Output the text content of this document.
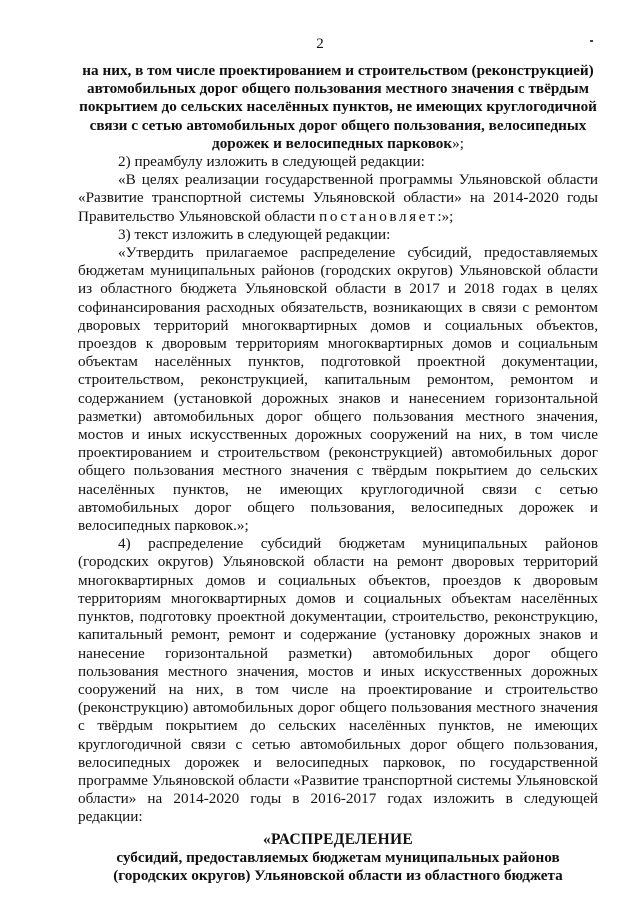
2

на них, в том числе проектированием и строительством (реконструкцией) автомобильных дорог общего пользования местного значения с твёрдым покрытием до сельских населённых пунктов, не имеющих круглогодичной связи с сетью автомобильных дорог общего пользования, велосипедных дорожек и велосипедных парковок»;

2) преамбулу изложить в следующей редакции:

«В целях реализации государственной программы Ульяновской области «Развитие транспортной системы Ульяновской области» на 2014-2020 годы Правительство Ульяновской области постановляет:»;

3) текст изложить в следующей редакции:

«Утвердить прилагаемое распределение субсидий, предоставляемых бюджетам муниципальных районов (городских округов) Ульяновской области из областного бюджета Ульяновской области в 2017 и 2018 годах в целях софинансирования расходных обязательств, возникающих в связи с ремонтом дворовых территорий многоквартирных домов и социальных объектов, проездов к дворовым территориям многоквартирных домов и социальным объектам населённых пунктов, подготовкой проектной документации, строительством, реконструкцией, капитальным ремонтом, ремонтом и содержанием (установкой дорожных знаков и нанесением горизонтальной разметки) автомобильных дорог общего пользования местного значения, мостов и иных искусственных дорожных сооружений на них, в том числе проектированием и строительством (реконструкцией) автомобильных дорог общего пользования местного значения с твёрдым покрытием до сельских населённых пунктов, не имеющих круглогодичной связи с сетью автомобильных дорог общего пользования, велосипедных дорожек и велосипедных парковок.»;

4) распределение субсидий бюджетам муниципальных районов (городских округов) Ульяновской области на ремонт дворовых территорий многоквартирных домов и социальных объектов, проездов к дворовым территориям многоквартирных домов и социальных объектам населённых пунктов, подготовку проектной документации, строительство, реконструкцию, капитальный ремонт, ремонт и содержание (установку дорожных знаков и нанесение горизонтальной разметки) автомобильных дорог общего пользования местного значения, мостов и иных искусственных дорожных сооружений на них, в том числе на проектирование и строительство (реконструкцию) автомобильных дорог общего пользования местного значения с твёрдым покрытием до сельских населённых пунктов, не имеющих круглогодичной связи с сетью автомобильных дорог общего пользования, велосипедных дорожек и велосипедных парковок, по государственной программе Ульяновской области «Развитие транспортной системы Ульяновской области» на 2014-2020 годы в 2016-2017 годах изложить в следующей редакции:

«РАСПРЕДЕЛЕНИЕ
субсидий, предоставляемых бюджетам муниципальных районов (городских округов) Ульяновской области из областного бюджета
